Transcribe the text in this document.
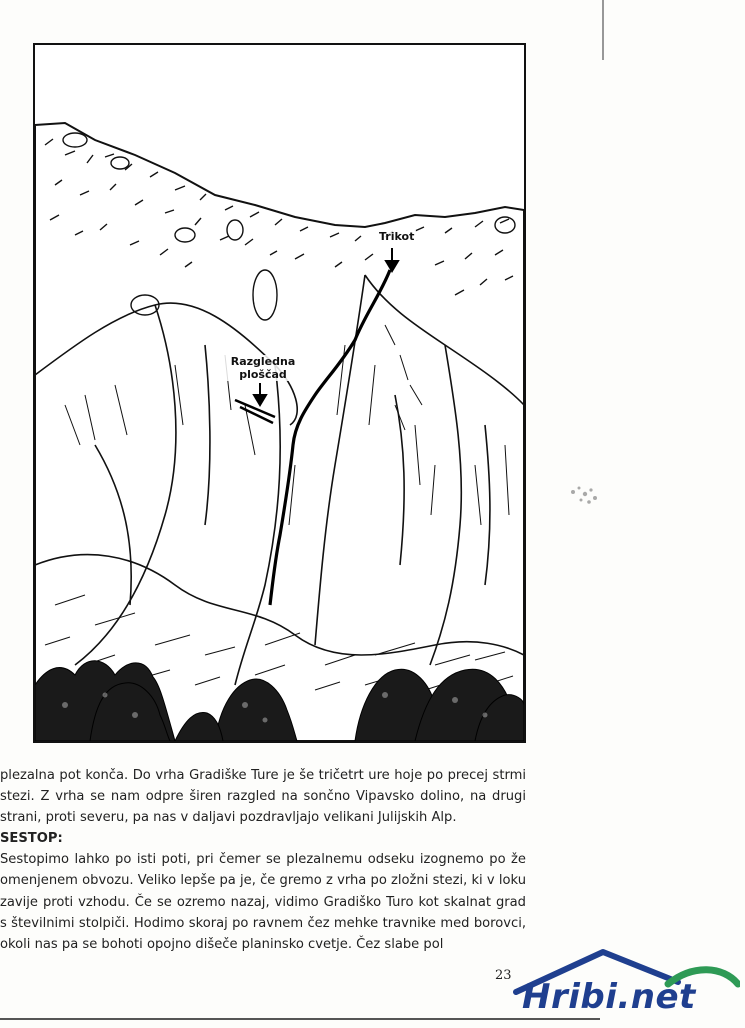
Trikot
Razgledna
ploščad

plezalna pot konča. Do vrha Gradiške Ture je še tričetrt ure hoje po precej strmi stezi. Z vrha se nam odpre širen razgled na sončno Vipavsko dolino, na drugi strani, proti severu, pa nas v daljavi pozdravljajo velikani Julijskih Alp.

SESTOP:

Sestopimo lahko po isti poti, pri čemer se plezalnemu odseku izognemo po že omenjenem obvozu. Veliko lepše pa je, če gremo z vrha po zložni stezi, ki v loku zavije proti vzhodu. Če se ozremo nazaj, vidimo Gradiško Turo kot skalnat grad s številnimi stolpiči. Hodimo skoraj po ravnem čez mehke travnike med borovci, okoli nas pa se bohoti opojno dišeče planinsko cvetje. Čez slabe pol

23
Hribi.net
